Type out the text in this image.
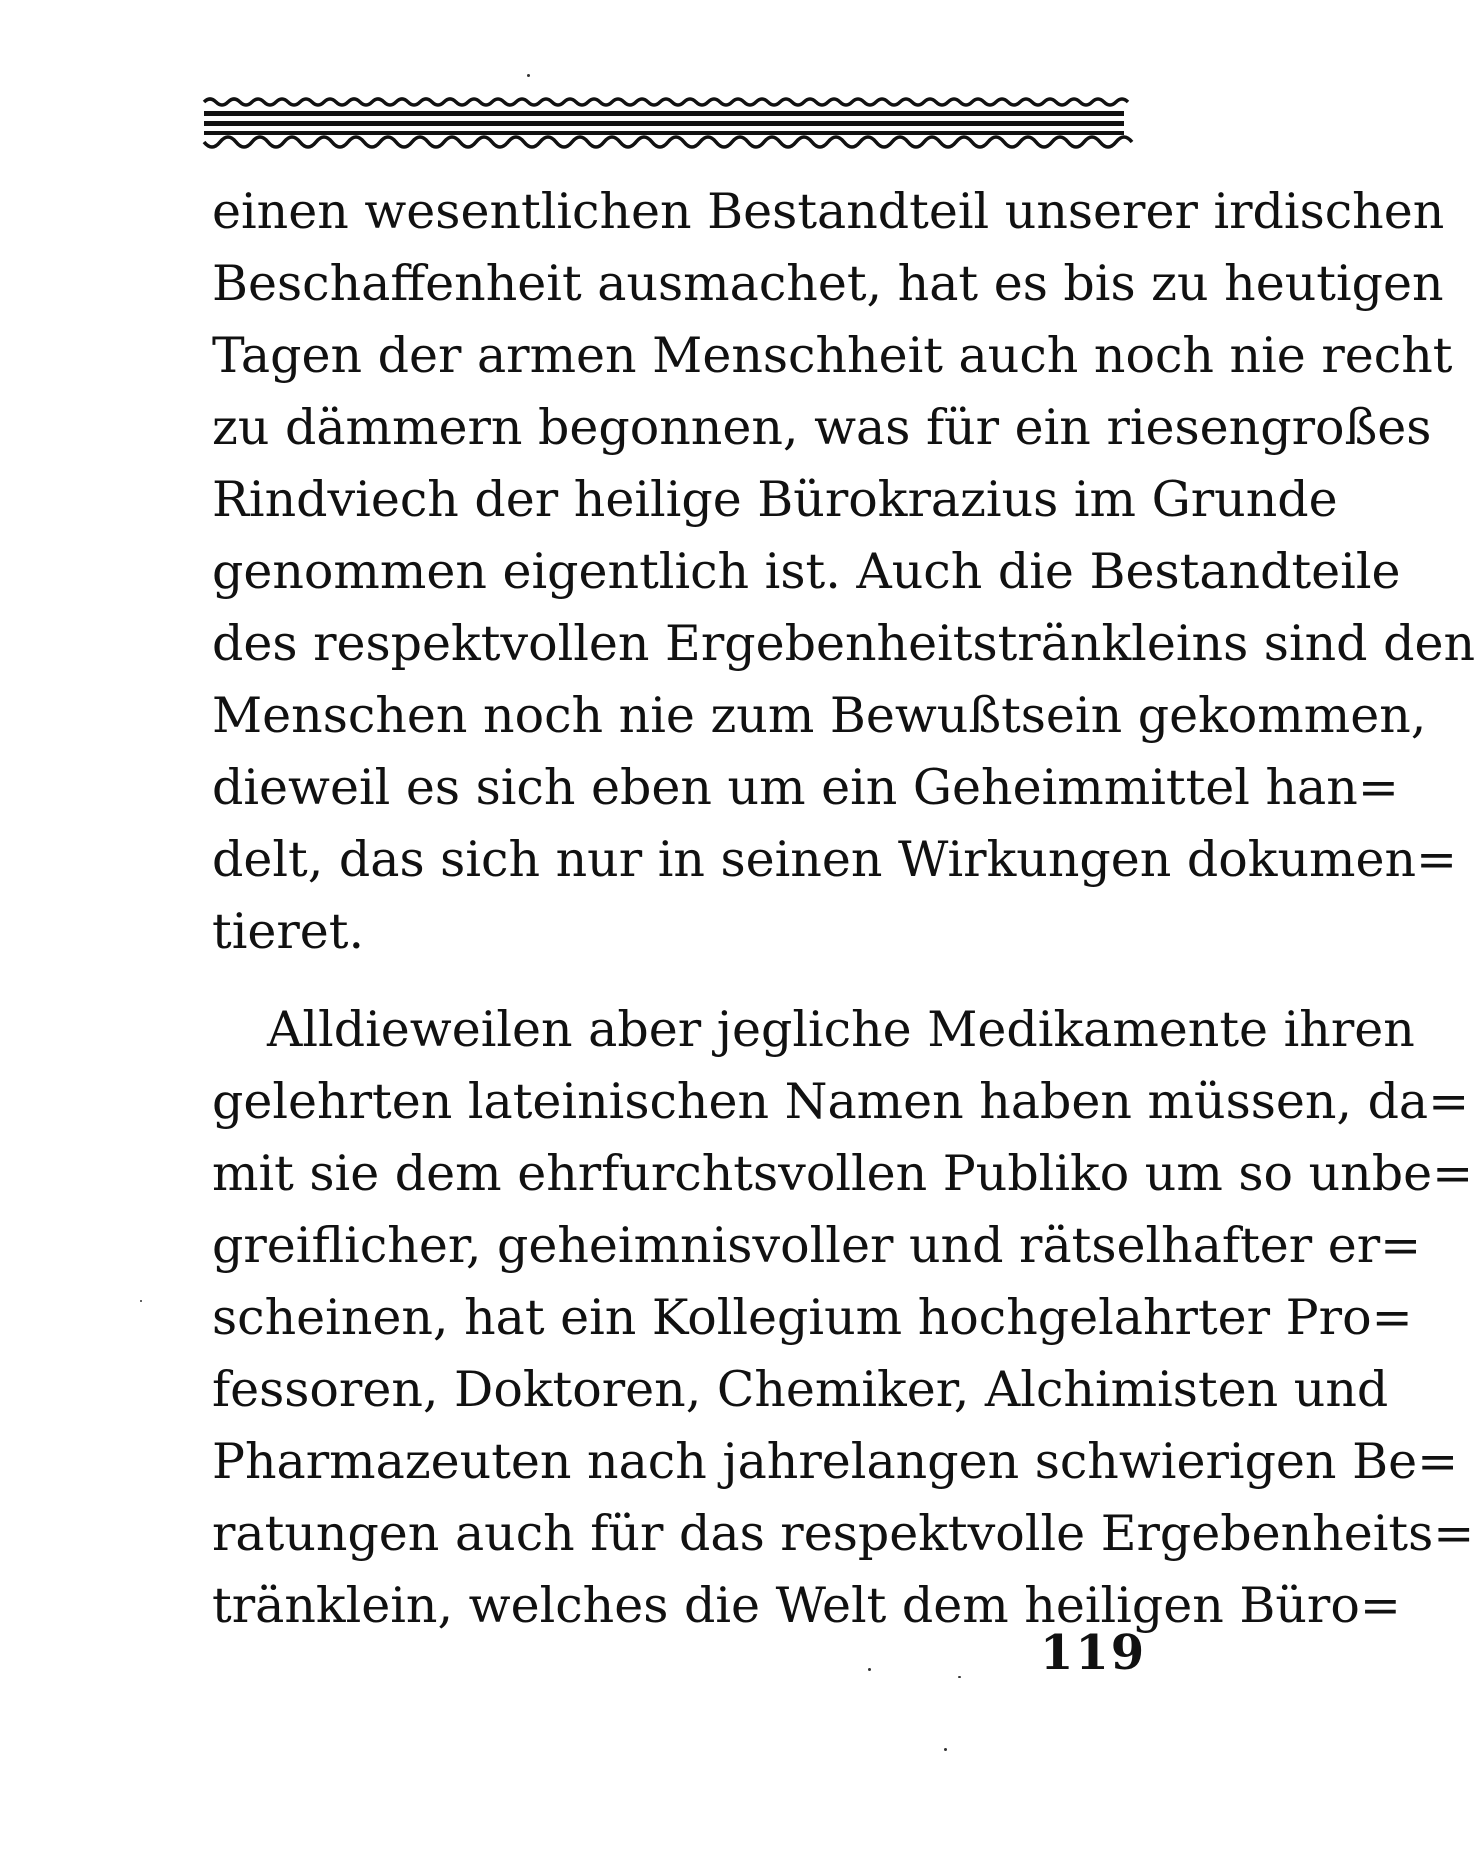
einen wesentlichen Bestandteil unserer irdischen
Beschaffenheit ausmachet, hat es bis zu heutigen
Tagen der armen Menschheit auch noch nie recht
zu dämmern begonnen, was für ein riesengroßes
Rindviech der heilige Bürokrazius im Grunde
genommen eigentlich ist. Auch die Bestandteile
des respektvollen Ergebenheitstränkleins sind den
Menschen noch nie zum Bewußtsein gekommen,
dieweil es sich eben um ein Geheimmittel han=
delt, das sich nur in seinen Wirkungen dokumen=
tieret.
Alldieweilen aber jegliche Medikamente ihren
gelehrten lateinischen Namen haben müssen, da=
mit sie dem ehrfurchtsvollen Publiko um so unbe=
greiflicher, geheimnisvoller und rätselhafter er=
scheinen, hat ein Kollegium hochgelahrter Pro=
fessoren, Doktoren, Chemiker, Alchimisten und
Pharmazeuten nach jahrelangen schwierigen Be=
ratungen auch für das respektvolle Ergebenheits=
tränklein, welches die Welt dem heiligen Büro=
119
